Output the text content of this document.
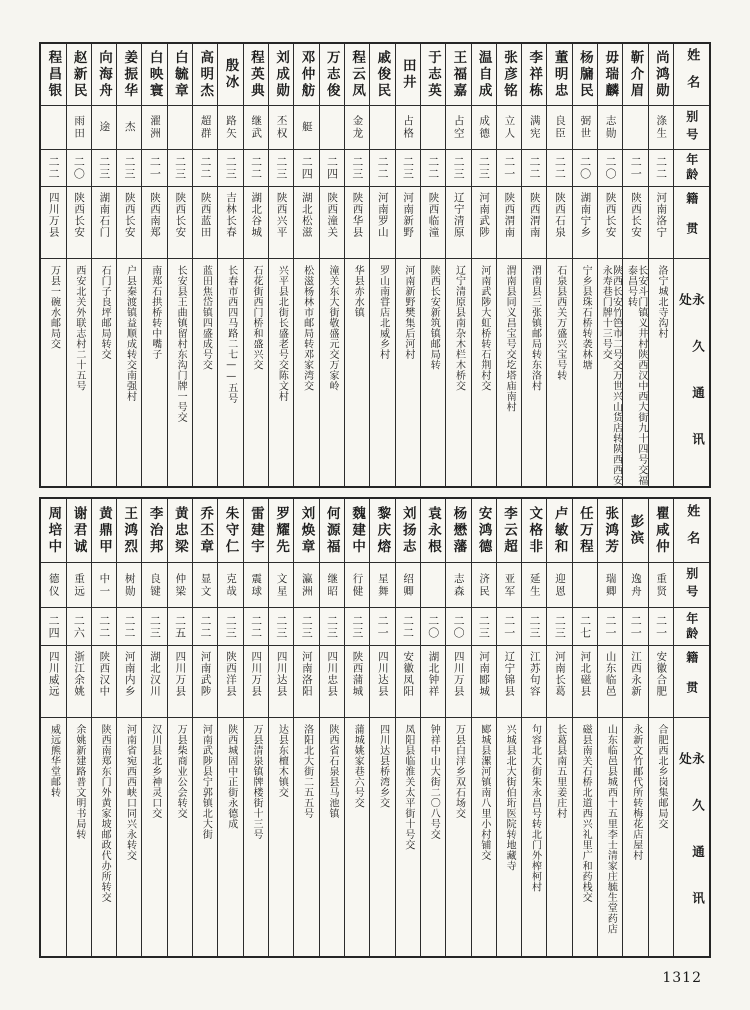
姓名
别号
年龄
籍贯
永久通讯处
尚鸿勋
涤生
二二
河南洛宁
洛宁城北寺沟村
靳介眉
二一
陕西长安
长安斗门镇义井村陕西汉中西大街九十四号交福泰昌号转
毋瑞麟
志勋
二〇
陕西长安
陕西长安竹笆市二号交万世兴山货店转陕西西安永寿巷门牌十三号交
杨牖民
弼世
二〇
湖南宁乡
宁乡县珠石桥转袭林塘
董明忠
良臣
二二
陕西石泉
石泉县西关万盛兴宝号转
李祥栋
满宪
二二
陕西渭南
渭南县三张镇邮局转东洛村
张彦铭
立人
二一
陕西渭南
渭南县同义昌宝号交圪塔庙南村
温自成
成德
二三
河南武陟
河南武陟大虹桥转石荆村交
王福嘉
占空
二三
辽宁清原
辽宁清原县南杂木栏木桥交
于志英
二二
陕西临潼
陕西长安新筑镇邮局转
田井
占格
二三
河南新野
河南新野樊集后河村
戚俊民
二二
河南罗山
罗山南甞店北威乡村
程云凤
金龙
二三
陕西华县
华县赤水镇
万志俊
二四
陕西潼关
潼关东大街敬盛元交万家岭
邓仲舫
艇
二四
湖北松滋
松滋杨林市邮局转邓家湾交
刘成勋
丕权
二三
陕西兴平
兴平县北街长盛老号交陈文村
程英典
继武
二二
湖北谷城
石花街西门桥和盛兴交
殷冰
路矢
二三
吉林长春
长春市西四马路二七——五号
高明杰
超群
二二
陕西蓝田
蓝田焦岱镇四盛成号交
白毓章
二三
陕西长安
长安县王曲镇留村东沟门牌一号交
白映寰
濯洲
二一
陕西南郑
南郑石拱桥转中嘴子
姜振华
杰
二三
陕西长安
户县秦渡镇益顺成转交南强村
向海舟
途
二三
湖南石门
石门子良坪邮局转交
赵新民
雨田
二〇
陕西长安
西安北关外联志村二十五号
程昌银
二二
四川万县
万县一碗水邮局交
姓名
别号
年龄
籍贯
永久通讯处
瞿咸仲
重贤
二一
安徽合肥
合肥西北乡岗集邮局交
彭滨
逸舟
二一
江西永新
永新文竹邮代所转梅花店屋村
张鸿芳
瑞卿
二一
山东临邑
山东临邑县城西十五里李士清家庄毓生堂药店
任万程
二七
河北磁县
磁县南关石桥北道西兴礼里广和药栈交
卢敏和
迎恩
二三
河南长葛
长葛县南五里姜庄村
文格非
延生
二三
江苏句容
句容北大街朱永昌号转北门外榨柯村
李云超
亚军
二一
辽宁锦县
兴城县北大街伯珩医院转地藏寺
安鸿德
济民
二三
河南郾城
郾城县漯河镇南八里小村铺交
杨懋藩
志森
二〇
四川万县
万县白洋乡双石场交
袁永根
二〇
湖北钟祥
钟祥中山大街二〇八号交
刘扬志
绍卿
二二
安徽凤阳
凤阳县临淮关太平街十号交
黎庆熔
星舞
二一
四川达县
四川达县桥湾乡交
魏建中
行健
二三
陕西蒲城
蒲城姚家巷六号交
何源福
继昭
二三
四川忠县
陕西省石泉县马池镇
刘焕章
瀛洲
二三
河南洛阳
洛阳北大街二五五号
罗耀先
文星
二三
四川达县
达县东檀木镇交
雷建宇
震球
二二
四川万县
万县清泉镇牌楼街十三号
朱守仁
克哉
二三
陕西洋县
陕西城固中正街永德成
乔丕章
显文
二二
河南武陟
河南武陟县宁郭镇北大街
黄忠梁
仲梁
二五
四川万县
万县柴商业公会转交
李治邦
良键
二三
湖北汉川
汉川县北乡神灵口交
王鸿烈
树勋
二二
河南内乡
河南省宛西西峡口同兴永转交
黄鼎甲
中一
二二
陕西汉中
陕西南郑东门外黄家坡邮政代办所转交
谢君诚
重远
二六
浙江余姚
余姚新建路普文明书局转
周培中
德仪
二四
四川威远
威远熊华堂邮转
1312
